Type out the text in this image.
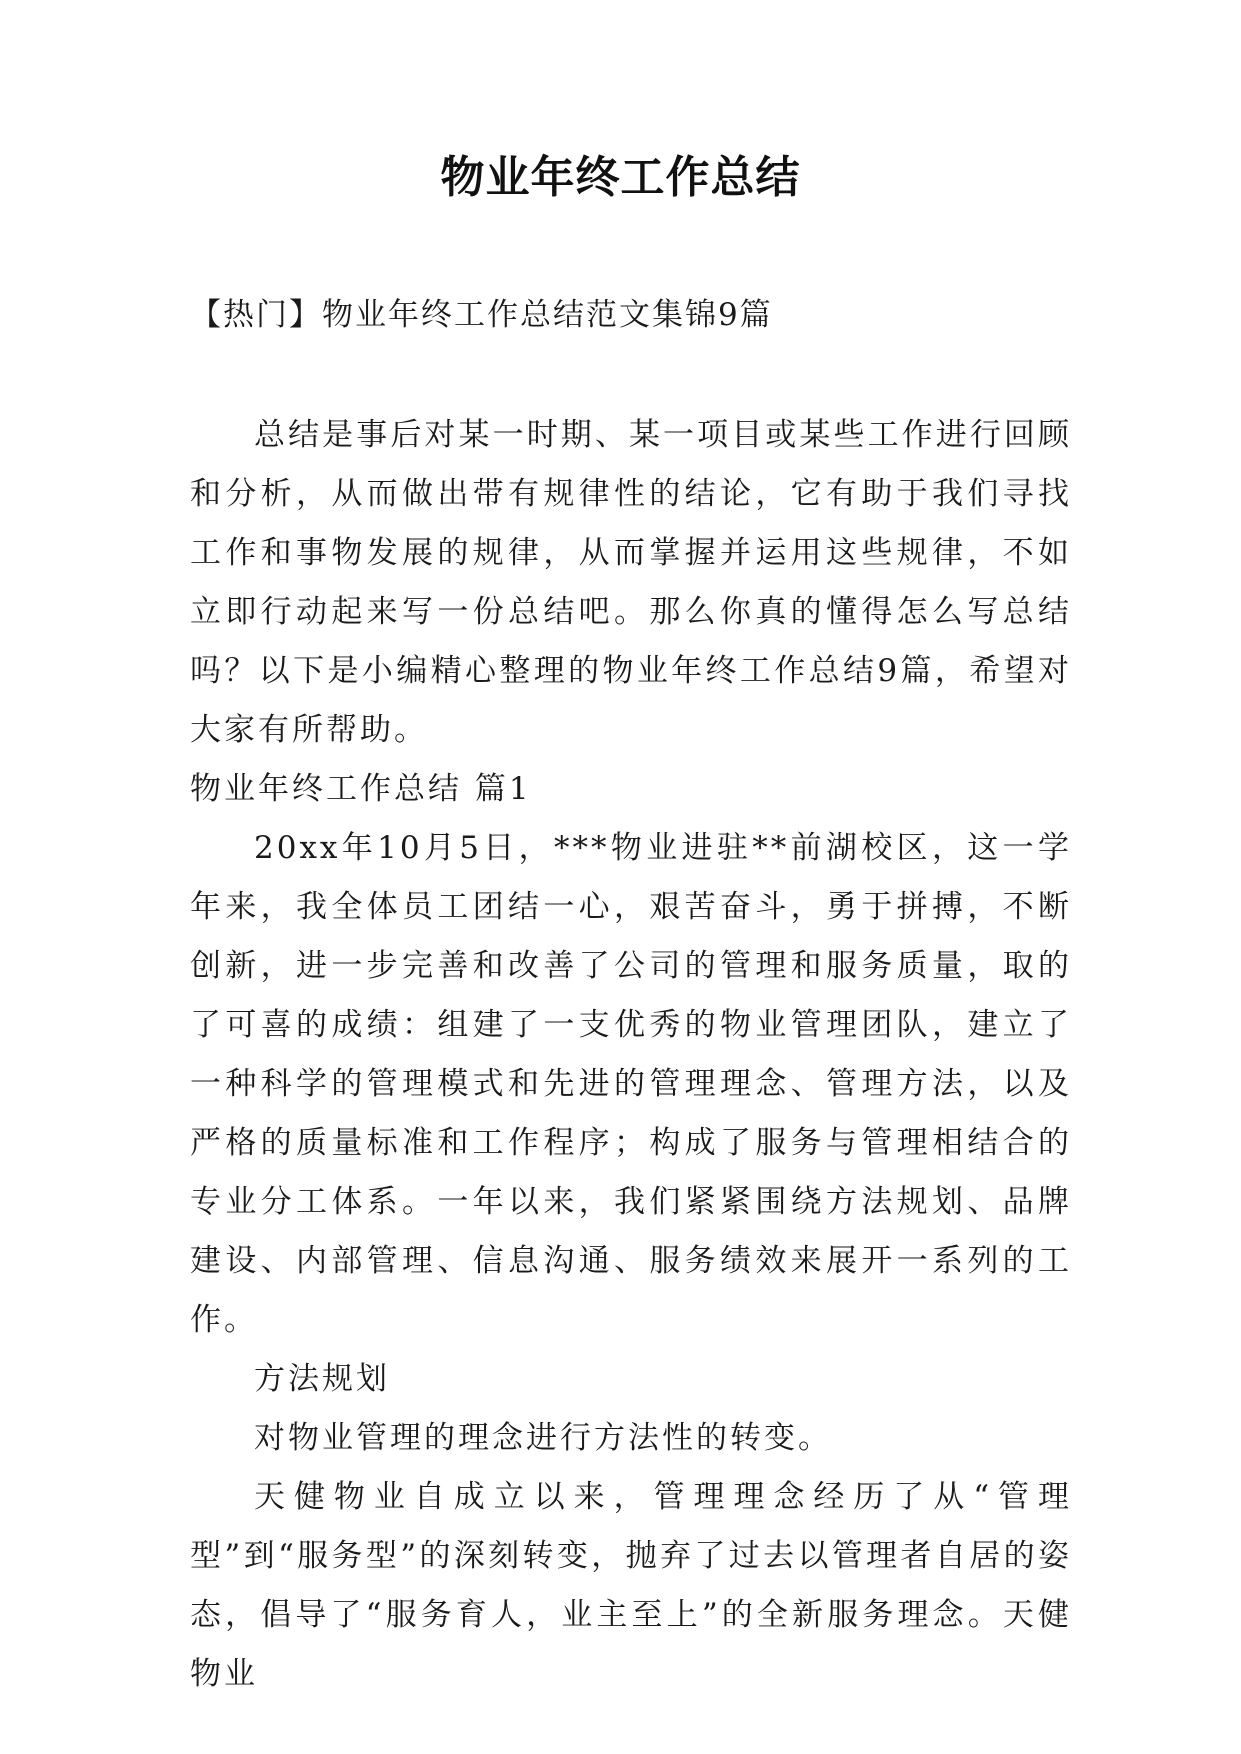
物业年终工作总结
【热门】物业年终工作总结范文集锦9篇

总结是事后对某一时期、某一项目或某些工作进行回顾和分析，从而做出带有规律性的结论，它有助于我们寻找工作和事物发展的规律，从而掌握并运用这些规律，不如立即行动起来写一份总结吧。那么你真的懂得怎么写总结吗？以下是小编精心整理的物业年终工作总结9篇，希望对大家有所帮助。

物业年终工作总结 篇1

20xx年10月5日，***物业进驻**前湖校区，这一学年来，我全体员工团结一心，艰苦奋斗，勇于拼搏，不断创新，进一步完善和改善了公司的管理和服务质量，取的了可喜的成绩：组建了一支优秀的物业管理团队，建立了一种科学的管理模式和先进的管理理念、管理方法，以及严格的质量标准和工作程序；构成了服务与管理相结合的专业分工体系。一年以来，我们紧紧围绕方法规划、品牌建设、内部管理、信息沟通、服务绩效来展开一系列的工作。

方法规划

对物业管理的理念进行方法性的转变。

天健物业自成立以来，管理理念经历了从“管理型”到“服务型”的深刻转变，抛弃了过去以管理者自居的姿态，倡导了“服务育人，业主至上”的全新服务理念。天健物业
